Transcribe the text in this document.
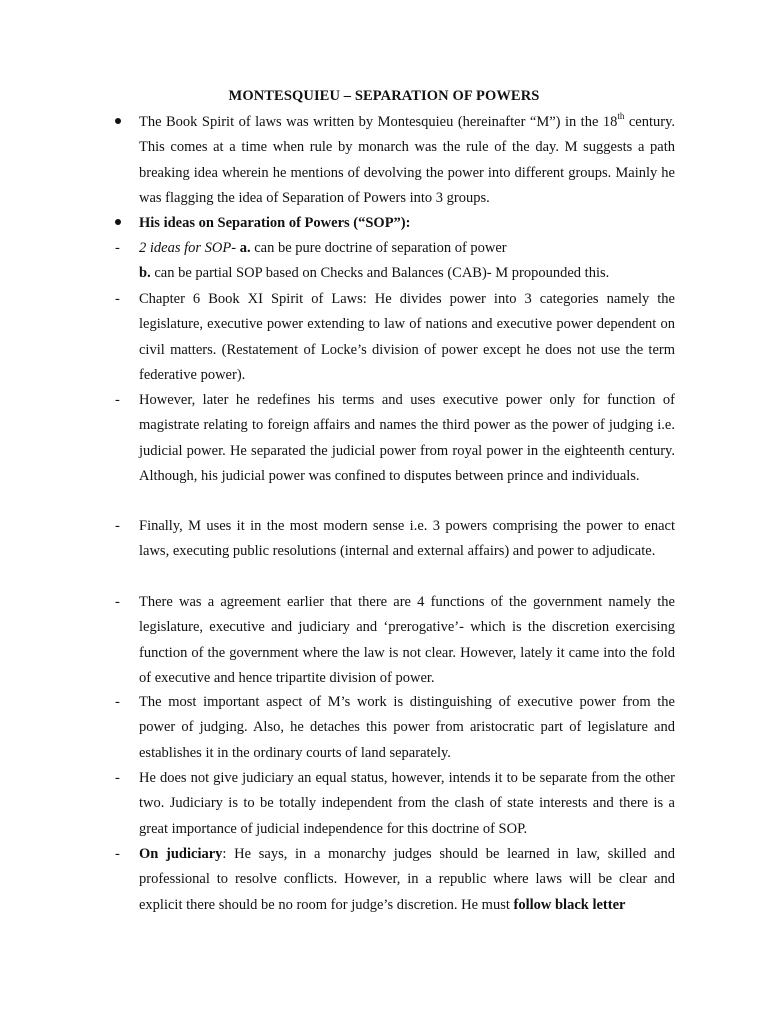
MONTESQUIEU – SEPARATION OF POWERS
The Book Spirit of laws was written by Montesquieu (hereinafter “M”) in the 18th century. This comes at a time when rule by monarch was the rule of the day. M suggests a path breaking idea wherein he mentions of devolving the power into different groups. Mainly he was flagging the idea of Separation of Powers into 3 groups.
His ideas on Separation of Powers (“SOP”):
- 2 ideas for SOP- a. can be pure doctrine of separation of power
b. can be partial SOP based on Checks and Balances (CAB)- M propounded this.
- Chapter 6 Book XI Spirit of Laws: He divides power into 3 categories namely the legislature, executive power extending to law of nations and executive power dependent on civil matters. (Restatement of Locke’s division of power except he does not use the term federative power).
- However, later he redefines his terms and uses executive power only for function of magistrate relating to foreign affairs and names the third power as the power of judging i.e. judicial power. He separated the judicial power from royal power in the eighteenth century. Although, his judicial power was confined to disputes between prince and individuals.
- Finally, M uses it in the most modern sense i.e. 3 powers comprising the power to enact laws, executing public resolutions (internal and external affairs) and power to adjudicate.
- There was a agreement earlier that there are 4 functions of the government namely the legislature, executive and judiciary and ‘prerogative’- which is the discretion exercising function of the government where the law is not clear. However, lately it came into the fold of executive and hence tripartite division of power.
- The most important aspect of M’s work is distinguishing of executive power from the power of judging. Also, he detaches this power from aristocratic part of legislature and establishes it in the ordinary courts of land separately.
- He does not give judiciary an equal status, however, intends it to be separate from the other two. Judiciary is to be totally independent from the clash of state interests and there is a great importance of judicial independence for this doctrine of SOP.
- On judiciary: He says, in a monarchy judges should be learned in law, skilled and professional to resolve conflicts. However, in a republic where laws will be clear and explicit there should be no room for judge’s discretion. He must follow black letter
